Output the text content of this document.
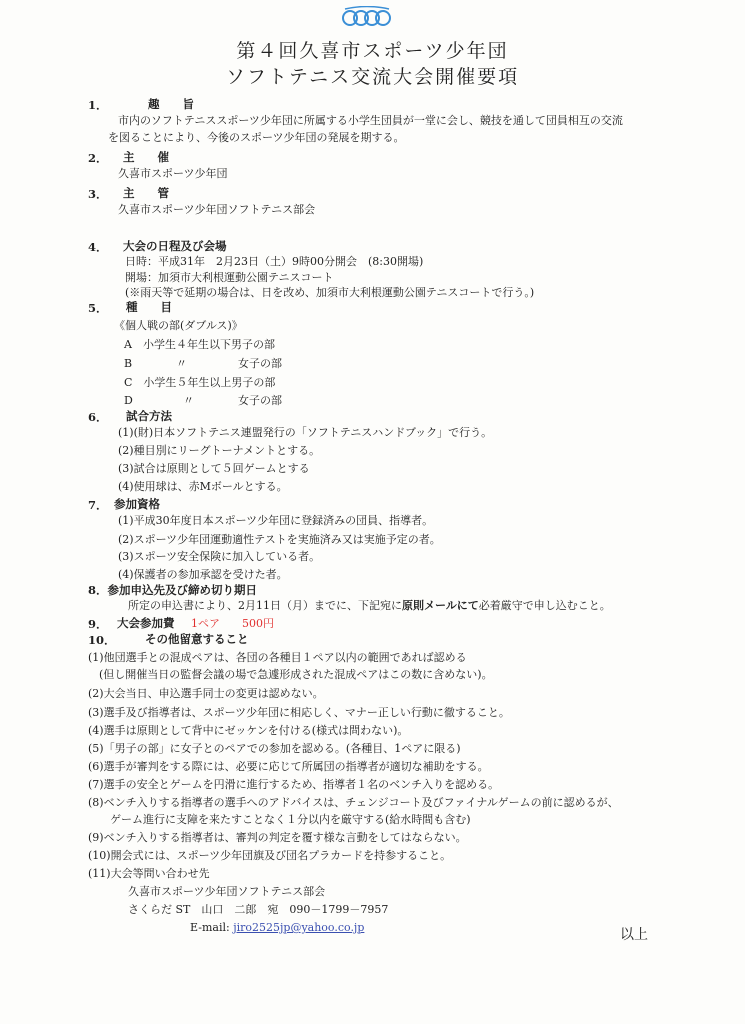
第４回久喜市スポーツ少年団
ソフトテニス交流大会開催要項
1．	趣　　旨
市内のソフトテニススポーツ少年団に所属する小学生団員が一堂に会し、競技を通して団員相互の交流
を図ることにより、今後のスポーツ少年団の発展を期する。
2． 主　　催
久喜市スポーツ少年団
3． 主　　管
久喜市スポーツ少年団ソフトテニス部会
4． 大会の日程及び会場
日時：平成31年　2月23日（土）9時00分開会　(8:30開場)
開場：加須市大利根運動公園テニスコート
(※雨天等で延期の場合は、日を改め、加須市大利根運動公園テニスコートで行う。)
5． 種　　目
《個人戦の部(ダブルス)》
A　小学生４年生以下男子の部
B	〃	女子の部
C　小学生５年生以上男子の部
D	〃	女子の部
6． 試合方法
(1)(財)日本ソフトテニス連盟発行の「ソフトテニスハンドブック」で行う。
(2)種目別にリーグトーナメントとする。
(3)試合は原則として５回ゲームとする
(4)使用球は、赤Mボールとする。
7． 参加資格
(1)平成30年度日本スポーツ少年団に登録済みの団員、指導者。
(2)スポーツ少年団運動適性テストを実施済み又は実施予定の者。
(3)スポーツ安全保険に加入している者。
(4)保護者の参加承認を受けた者。
8．参加申込先及び締め切り期日
所定の申込書により、2月11日（月）までに、下記宛に原則メールにて必着厳守で申し込むこと。
9． 大会参加費 1ペア　　500円
10．	その他留意すること
(1)他団選手との混成ペアは、各団の各種目１ペア以内の範囲であれば認める
　(但し開催当日の監督会議の場で急遽形成された混成ペアはこの数に含めない)。
(2)大会当日、申込選手同士の変更は認めない。
(3)選手及び指導者は、スポーツ少年団に相応しく、マナー正しい行動に徹すること。
(4)選手は原則として背中にゼッケンを付ける(様式は問わない)。
(5)「男子の部」に女子とのペアでの参加を認める。(各種目、1ペアに限る)
(6)選手が審判をする際には、必要に応じて所属団の指導者が適切な補助をする。
(7)選手の安全とゲームを円滑に進行するため、指導者１名のベンチ入りを認める。
(8)ベンチ入りする指導者の選手へのアドバイスは、チェンジコート及びファイナルゲームの前に認めるが、
　　ゲーム進行に支障を来たすことなく１分以内を厳守する(給水時間も含む)
(9)ベンチ入りする指導者は、審判の判定を覆す様な言動をしてはならない。
(10)開会式には、スポーツ少年団旗及び団名プラカードを持参すること。
(11)大会等問い合わせ先
久喜市スポーツ少年団ソフトテニス部会
さくらだ ST　山口　二郎　宛　090－1799－7957
E-mail: jiro2525jp@yahoo.co.jp	以上
